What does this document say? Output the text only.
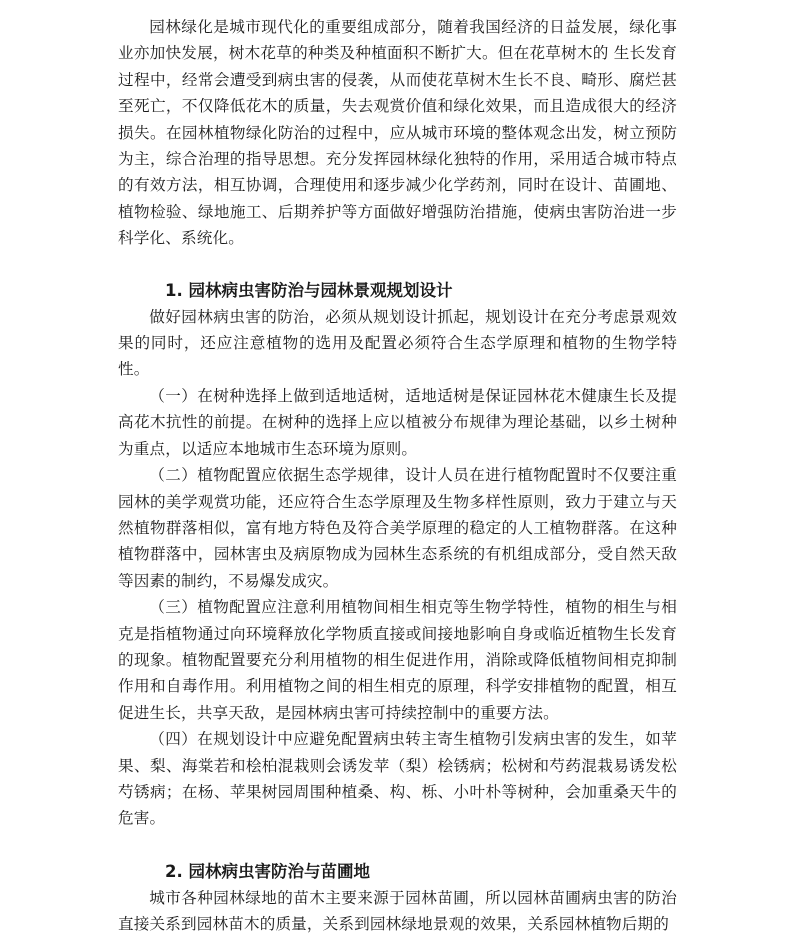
园林绿化是城市现代化的重要组成部分，随着我国经济的日益发展，绿化事业亦加快发展，树木花草的种类及种植面积不断扩大。但在花草树木的 生长发育过程中，经常会遭受到病虫害的侵袭，从而使花草树木生长不良、畸形、腐烂甚至死亡，不仅降低花木的质量，失去观赏价值和绿化效果，而且造成很大的经济损失。在园林植物绿化防治的过程中，应从城市环境的整体观念出发，树立预防为主，综合治理的指导思想。充分发挥园林绿化独特的作用，采用适合城市特点的有效方法，相互协调，合理使用和逐步减少化学药剂，同时在设计、苗圃地、植物检验、绿地施工、后期养护等方面做好增强防治措施，使病虫害防治进一步科学化、系统化。

1. 园林病虫害防治与园林景观规划设计

做好园林病虫害的防治，必须从规划设计抓起，规划设计在充分考虑景观效果的同时，还应注意植物的选用及配置必须符合生态学原理和植物的生物学特性。

（一）在树种选择上做到适地适树，适地适树是保证园林花木健康生长及提高花木抗性的前提。在树种的选择上应以植被分布规律为理论基础，以乡土树种为重点，以适应本地城市生态环境为原则。

（二）植物配置应依据生态学规律，设计人员在进行植物配置时不仅要注重园林的美学观赏功能，还应符合生态学原理及生物多样性原则，致力于建立与天然植物群落相似，富有地方特色及符合美学原理的稳定的人工植物群落。在这种植物群落中，园林害虫及病原物成为园林生态系统的有机组成部分，受自然天敌等因素的制约，不易爆发成灾。

（三）植物配置应注意利用植物间相生相克等生物学特性，植物的相生与相克是指植物通过向环境释放化学物质直接或间接地影响自身或临近植物生长发育的现象。植物配置要充分利用植物的相生促进作用，消除或降低植物间相克抑制作用和自毒作用。利用植物之间的相生相克的原理，科学安排植物的配置，相互促进生长，共享天敌，是园林病虫害可持续控制中的重要方法。

（四）在规划设计中应避免配置病虫转主寄生植物引发病虫害的发生，如苹果、梨、海棠若和桧柏混栽则会诱发苹（梨）桧锈病；松树和芍药混栽易诱发松芍锈病；在杨、苹果树园周围种植桑、构、栎、小叶朴等树种，会加重桑天牛的危害。

2. 园林病虫害防治与苗圃地

城市各种园林绿地的苗木主要来源于园林苗圃，所以园林苗圃病虫害的防治直接关系到园林苗木的质量，关系到园林绿地景观的效果，关系园林植物后期的
